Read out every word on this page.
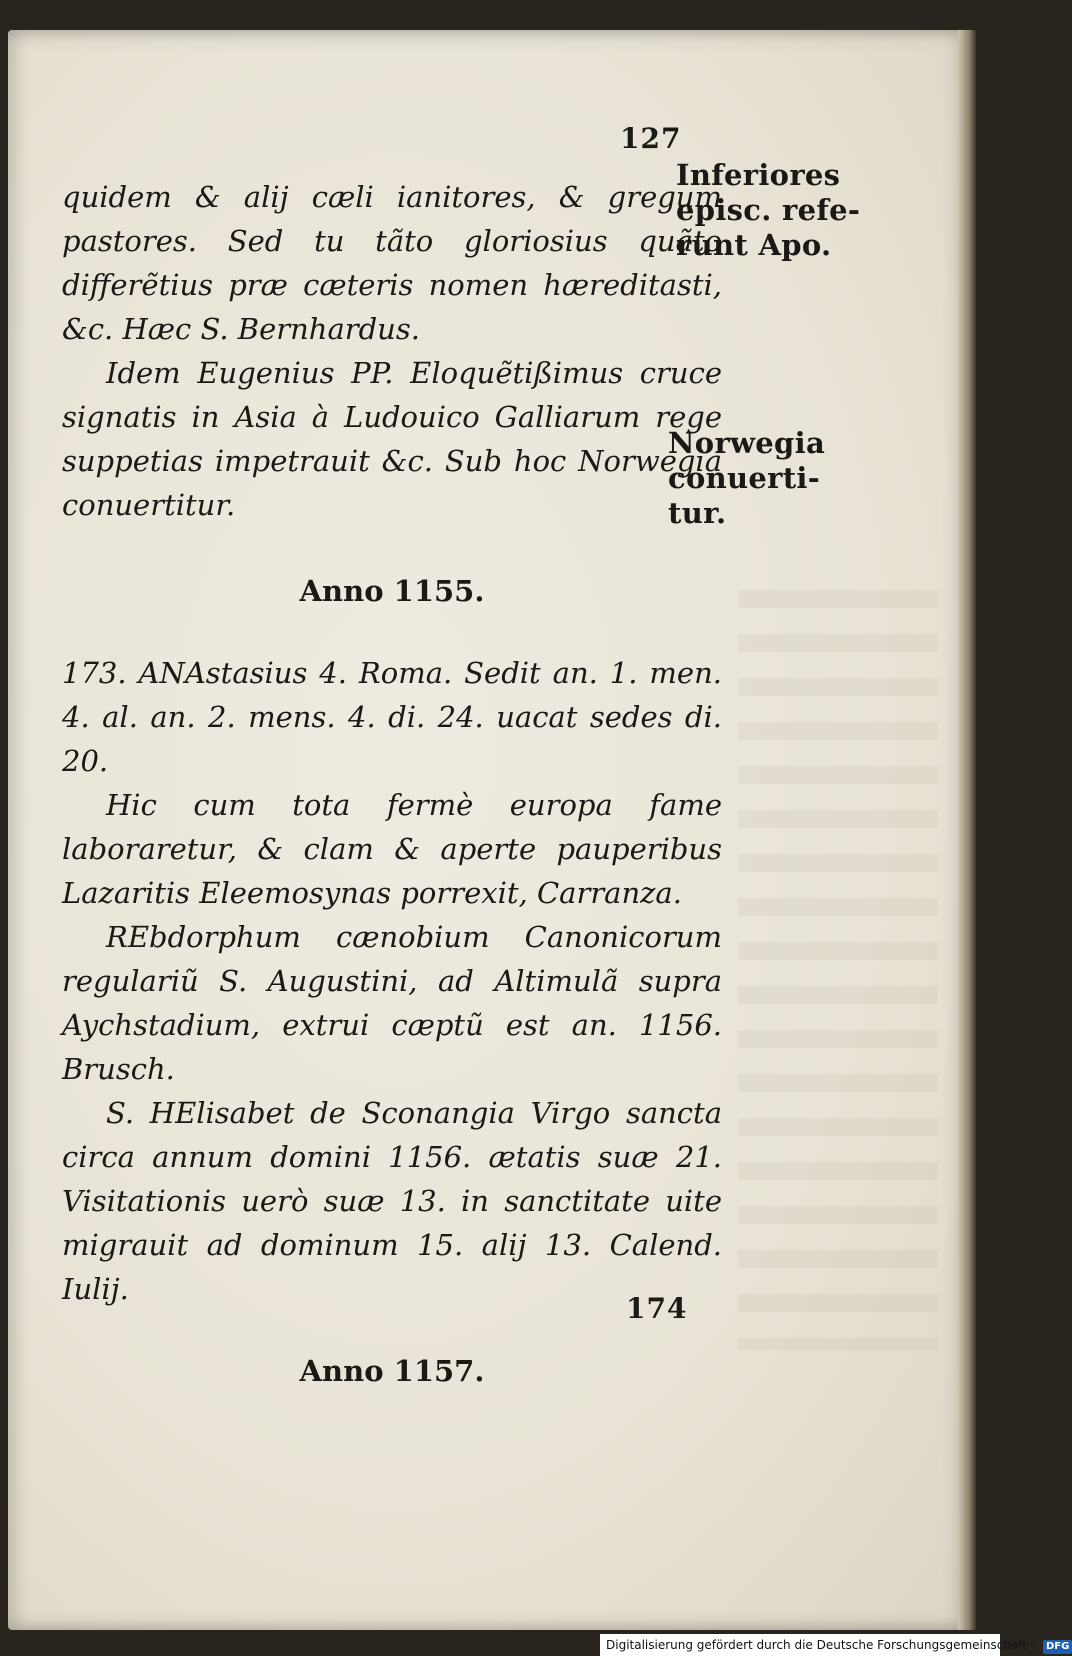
127
Inferiores
episc. refe-
runt Apo.
Norwegia
conuerti-
tur.

quidem & alij cæli ianitores, & gregum pastores. Sed tu tãto gloriosius quãto differẽtius præ cæteris nomen hæreditasti, &c. Hæc S. Bernhardus.

Idem Eugenius PP. Eloquẽtißimus cruce signatis in Asia à Ludouico Galliarum rege suppetias impetrauit &c. Sub hoc Norwegia conuertitur.

Anno 1155.

173. ANAstasius 4. Roma. Sedit an. 1. men. 4. al. an. 2. mens. 4. di. 24. uacat sedes di. 20.

Hic cum tota fermè europa fame laboraretur, & clam & aperte pauperibus Lazaritis Eleemosynas porrexit, Carranza.

REbdorphum cænobium Canonicorum regulariũ S. Augustini, ad Altimulã supra Aychstadium, extrui cæptũ est an. 1156. Brusch.

S. HElisabet de Sconangia Virgo sancta circa annum domini 1156. ætatis suæ 21. Visitationis uerò suæ 13. in sanctitate uite migrauit ad dominum 15. alij 13. Calend. Iulij.

Anno 1157.
174
Digitalisierung gefördert durch die Deutsche Forschungsgemeinschaft - DFG
